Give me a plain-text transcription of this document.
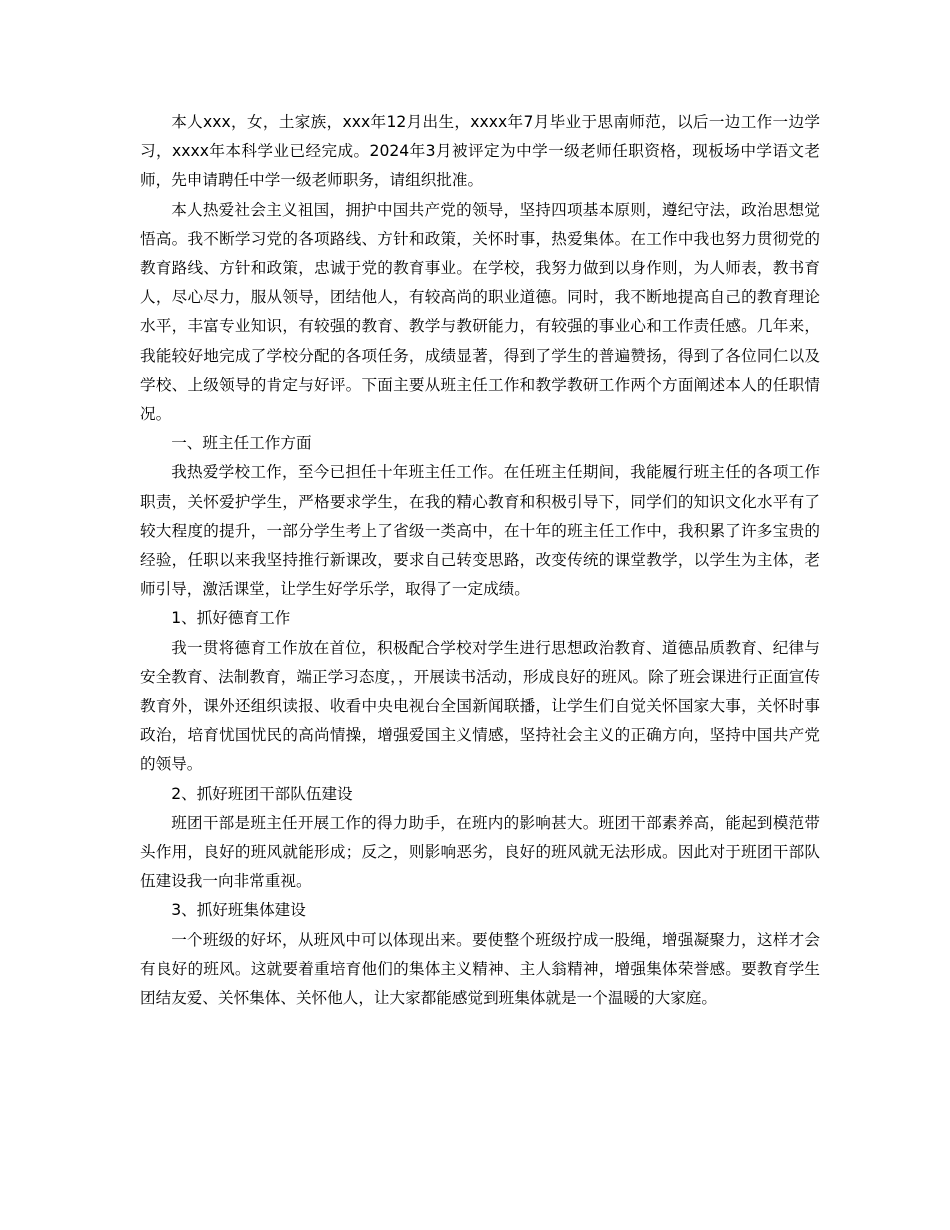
本人xxx，女，土家族，xxx年12月出生，xxxx年7月毕业于思南师范，以后一边工作一边学习，xxxx年本科学业已经完成。2024年3月被评定为中学一级老师任职资格，现板场中学语文老师，先申请聘任中学一级老师职务，请组织批准。

本人热爱社会主义祖国，拥护中国共产党的领导，坚持四项基本原则，遵纪守法，政治思想觉悟高。我不断学习党的各项路线、方针和政策，关怀时事，热爱集体。在工作中我也努力贯彻党的教育路线、方针和政策，忠诚于党的教育事业。在学校，我努力做到以身作则，为人师表，教书育人，尽心尽力，服从领导，团结他人，有较高尚的职业道德。同时，我不断地提高自己的教育理论水平，丰富专业知识，有较强的教育、教学与教研能力，有较强的事业心和工作责任感。几年来，我能较好地完成了学校分配的各项任务，成绩显著，得到了学生的普遍赞扬，得到了各位同仁以及学校、上级领导的肯定与好评。下面主要从班主任工作和教学教研工作两个方面阐述本人的任职情况。

一、班主任工作方面

我热爱学校工作，至今已担任十年班主任工作。在任班主任期间，我能履行班主任的各项工作职责，关怀爱护学生，严格要求学生，在我的精心教育和积极引导下，同学们的知识文化水平有了较大程度的提升，一部分学生考上了省级一类高中，在十年的班主任工作中，我积累了许多宝贵的经验，任职以来我坚持推行新课改，要求自己转变思路，改变传统的课堂教学，以学生为主体，老师引导，激活课堂，让学生好学乐学，取得了一定成绩。

1、抓好德育工作

我一贯将德育工作放在首位，积极配合学校对学生进行思想政治教育、道德品质教育、纪律与安全教育、法制教育，端正学习态度，，开展读书活动，形成良好的班风。除了班会课进行正面宣传教育外，课外还组织读报、收看中央电视台全国新闻联播，让学生们自觉关怀国家大事，关怀时事政治，培育忧国忧民的高尚情操，增强爱国主义情感，坚持社会主义的正确方向，坚持中国共产党的领导。

2、抓好班团干部队伍建设

班团干部是班主任开展工作的得力助手，在班内的影响甚大。班团干部素养高，能起到模范带头作用，良好的班风就能形成；反之，则影响恶劣，良好的班风就无法形成。因此对于班团干部队伍建设我一向非常重视。

3、抓好班集体建设

一个班级的好坏，从班风中可以体现出来。要使整个班级拧成一股绳，增强凝聚力，这样才会有良好的班风。这就要着重培育他们的集体主义精神、主人翁精神，增强集体荣誉感。要教育学生团结友爱、关怀集体、关怀他人，让大家都能感觉到班集体就是一个温暖的大家庭。
